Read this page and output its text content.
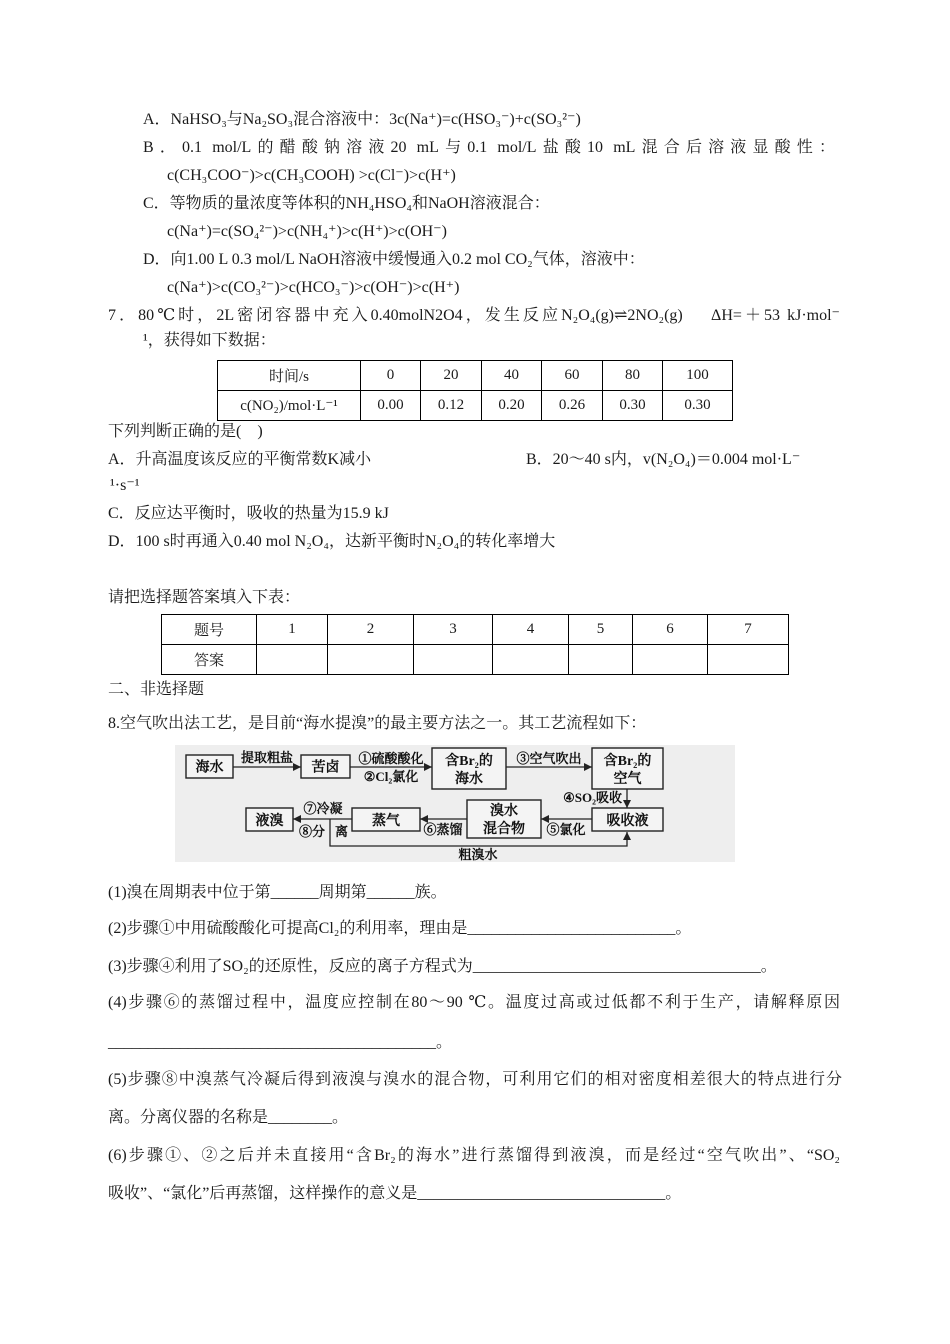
A．NaHSO₃与Na₂SO₃混合溶液中：3c(Na⁺)=c(HSO₃⁻)+c(SO₃²⁻)
B．0.1 mol/L的醋酸钠溶液20 mL与0.1 mol/L盐酸10 mL混合后溶液显酸性：
c(CH₃COO⁻)>c(CH₃COOH) >c(Cl⁻)>c(H⁺)
C．等物质的量浓度等体积的NH₄HSO₄和NaOH溶液混合：
c(Na⁺)=c(SO₄²⁻)>c(NH₄⁺)>c(H⁺)>c(OH⁻)
D．向1.00 L 0.3 mol/L NaOH溶液中缓慢通入0.2 mol CO₂气体，溶液中：
c(Na⁺)>c(CO₃²⁻)>c(HCO₃⁻)>c(OH⁻)>c(H⁺)
7．80℃时，2L密闭容器中充入0.40molN2O4，发生反应N₂O₄(g)⇌2NO₂(g)    ΔH=＋53 kJ·mol⁻
¹，获得如下数据：
时间/s	0	20	40	60	80	100
c(NO₂)/mol·L⁻¹	0.00	0.12	0.20	0.26	0.30	0.30
下列判断正确的是(    )
A．升高温度该反应的平衡常数K减小	B．20～40 s内，v(N₂O₄)＝0.004 mol·L⁻
¹·s⁻¹
C．反应达平衡时，吸收的热量为15.9 kJ
D．100 s时再通入0.40 mol N₂O₄，达新平衡时N₂O₄的转化率增大
请把选择题答案填入下表：
题号	1	2	3	4	5	6	7
答案							
二、非选择题
8.空气吹出法工艺，是目前“海水提溴”的最主要方法之一。其工艺流程如下：
海水
提取粗盐
苦卤
①硫酸酸化
②Cl₂氯化
含Br₂的
海水
③空气吹出 含Br₂的
空气
④SO₂吸收
吸收液
⑤氯化
溴水
混合物
⑥蒸馏
蒸气
⑦冷凝
⑧分 离
液溴
粗溴水
(1)溴在周期表中位于第______周期第______族。
(2)步骤①中用硫酸酸化可提高Cl₂的利用率，理由是__________________________。
(3)步骤④利用了SO₂的还原性，反应的离子方程式为____________________________________。
(4)步骤⑥的蒸馏过程中，温度应控制在80～90 ℃。温度过高或过低都不利于生产，请解释原因
_________________________________________。
(5)步骤⑧中溴蒸气冷凝后得到液溴与溴水的混合物，可利用它们的相对密度相差很大的特点进行分
离。分离仪器的名称是________。
(6)步骤①、②之后并未直接用“含Br₂的海水”进行蒸馏得到液溴，而是经过“空气吹出”、“SO₂
吸收”、“氯化”后再蒸馏，这样操作的意义是_______________________________。
